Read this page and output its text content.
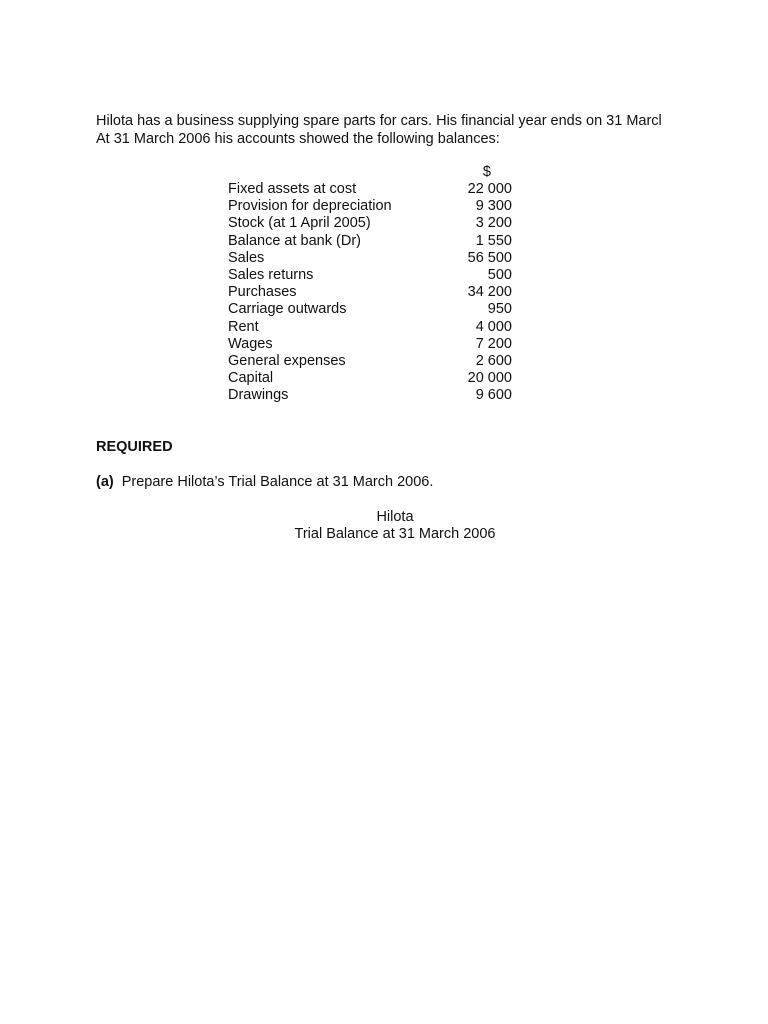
Hilota has a business supplying spare parts for cars. His financial year ends on 31 Marcl

At 31 March 2006 his accounts showed the following balances:

$
Fixed assets at cost	22 000
Provision for depreciation	9 300
Stock (at 1 April 2005)	3 200
Balance at bank (Dr)	1 550
Sales	56 500
Sales returns	500
Purchases	34 200
Carriage outwards	950
Rent	4 000
Wages	7 200
General expenses	2 600
Capital	20 000
Drawings	9 600
REQUIRED
(a) Prepare Hilota’s Trial Balance at 31 March 2006.
Hilota
Trial Balance at 31 March 2006
